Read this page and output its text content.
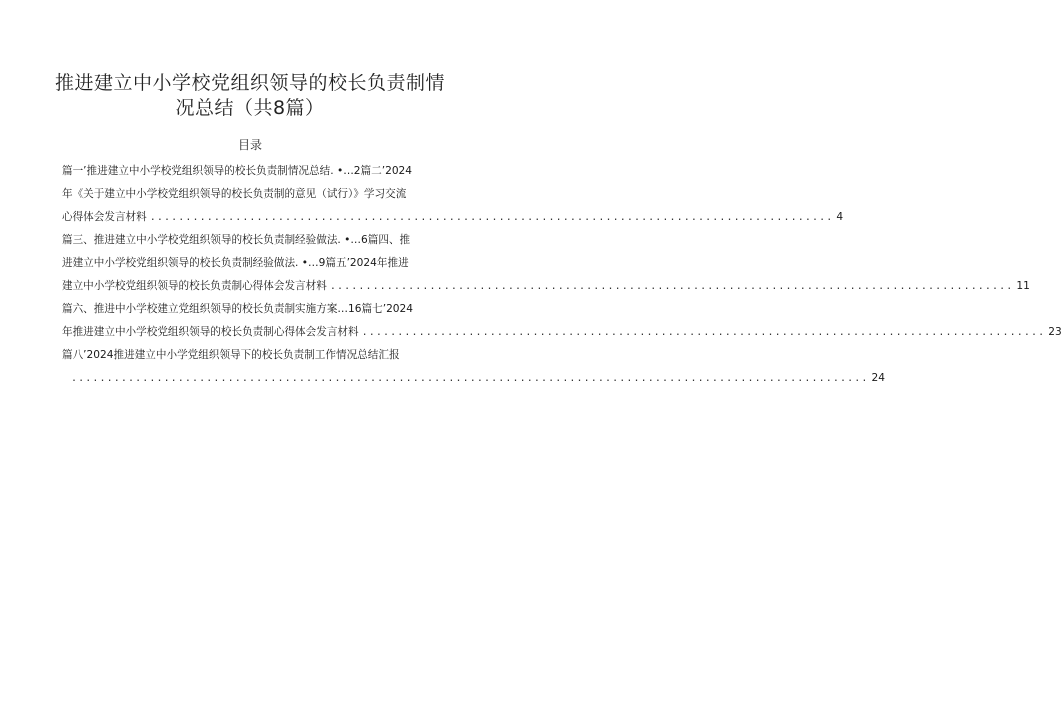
推进建立中小学校党组织领导的校长负责制情
况总结（共8篇）
目录
篇一’推进建立中小学校党组织领导的校长负责制情况总结. •…2篇二’2024
年《关于建立中小学校党组织领导的校长负责制的意见（试行）》学习交流
心得体会发言材料 ................................................................................................ 4
篇三、推进建立中小学校党组织领导的校长负责制经验做法. •…6篇四、推
进建立中小学校党组织领导的校长负责制经验做法. •…9篇五’2024年推进
建立中小学校党组织领导的校长负责制心得体会发言材料 ................................................................................................ 11
篇六、推进中小学校建立党组织领导的校长负责制实施方案…16篇七’2024
年推进建立中小学校党组织领导的校长负责制心得体会发言材料 ................................................................................................ 23
篇八’2024推进建立中小学党组织领导下的校长负责制工作情况总结汇报
................................................................................................................ 24
